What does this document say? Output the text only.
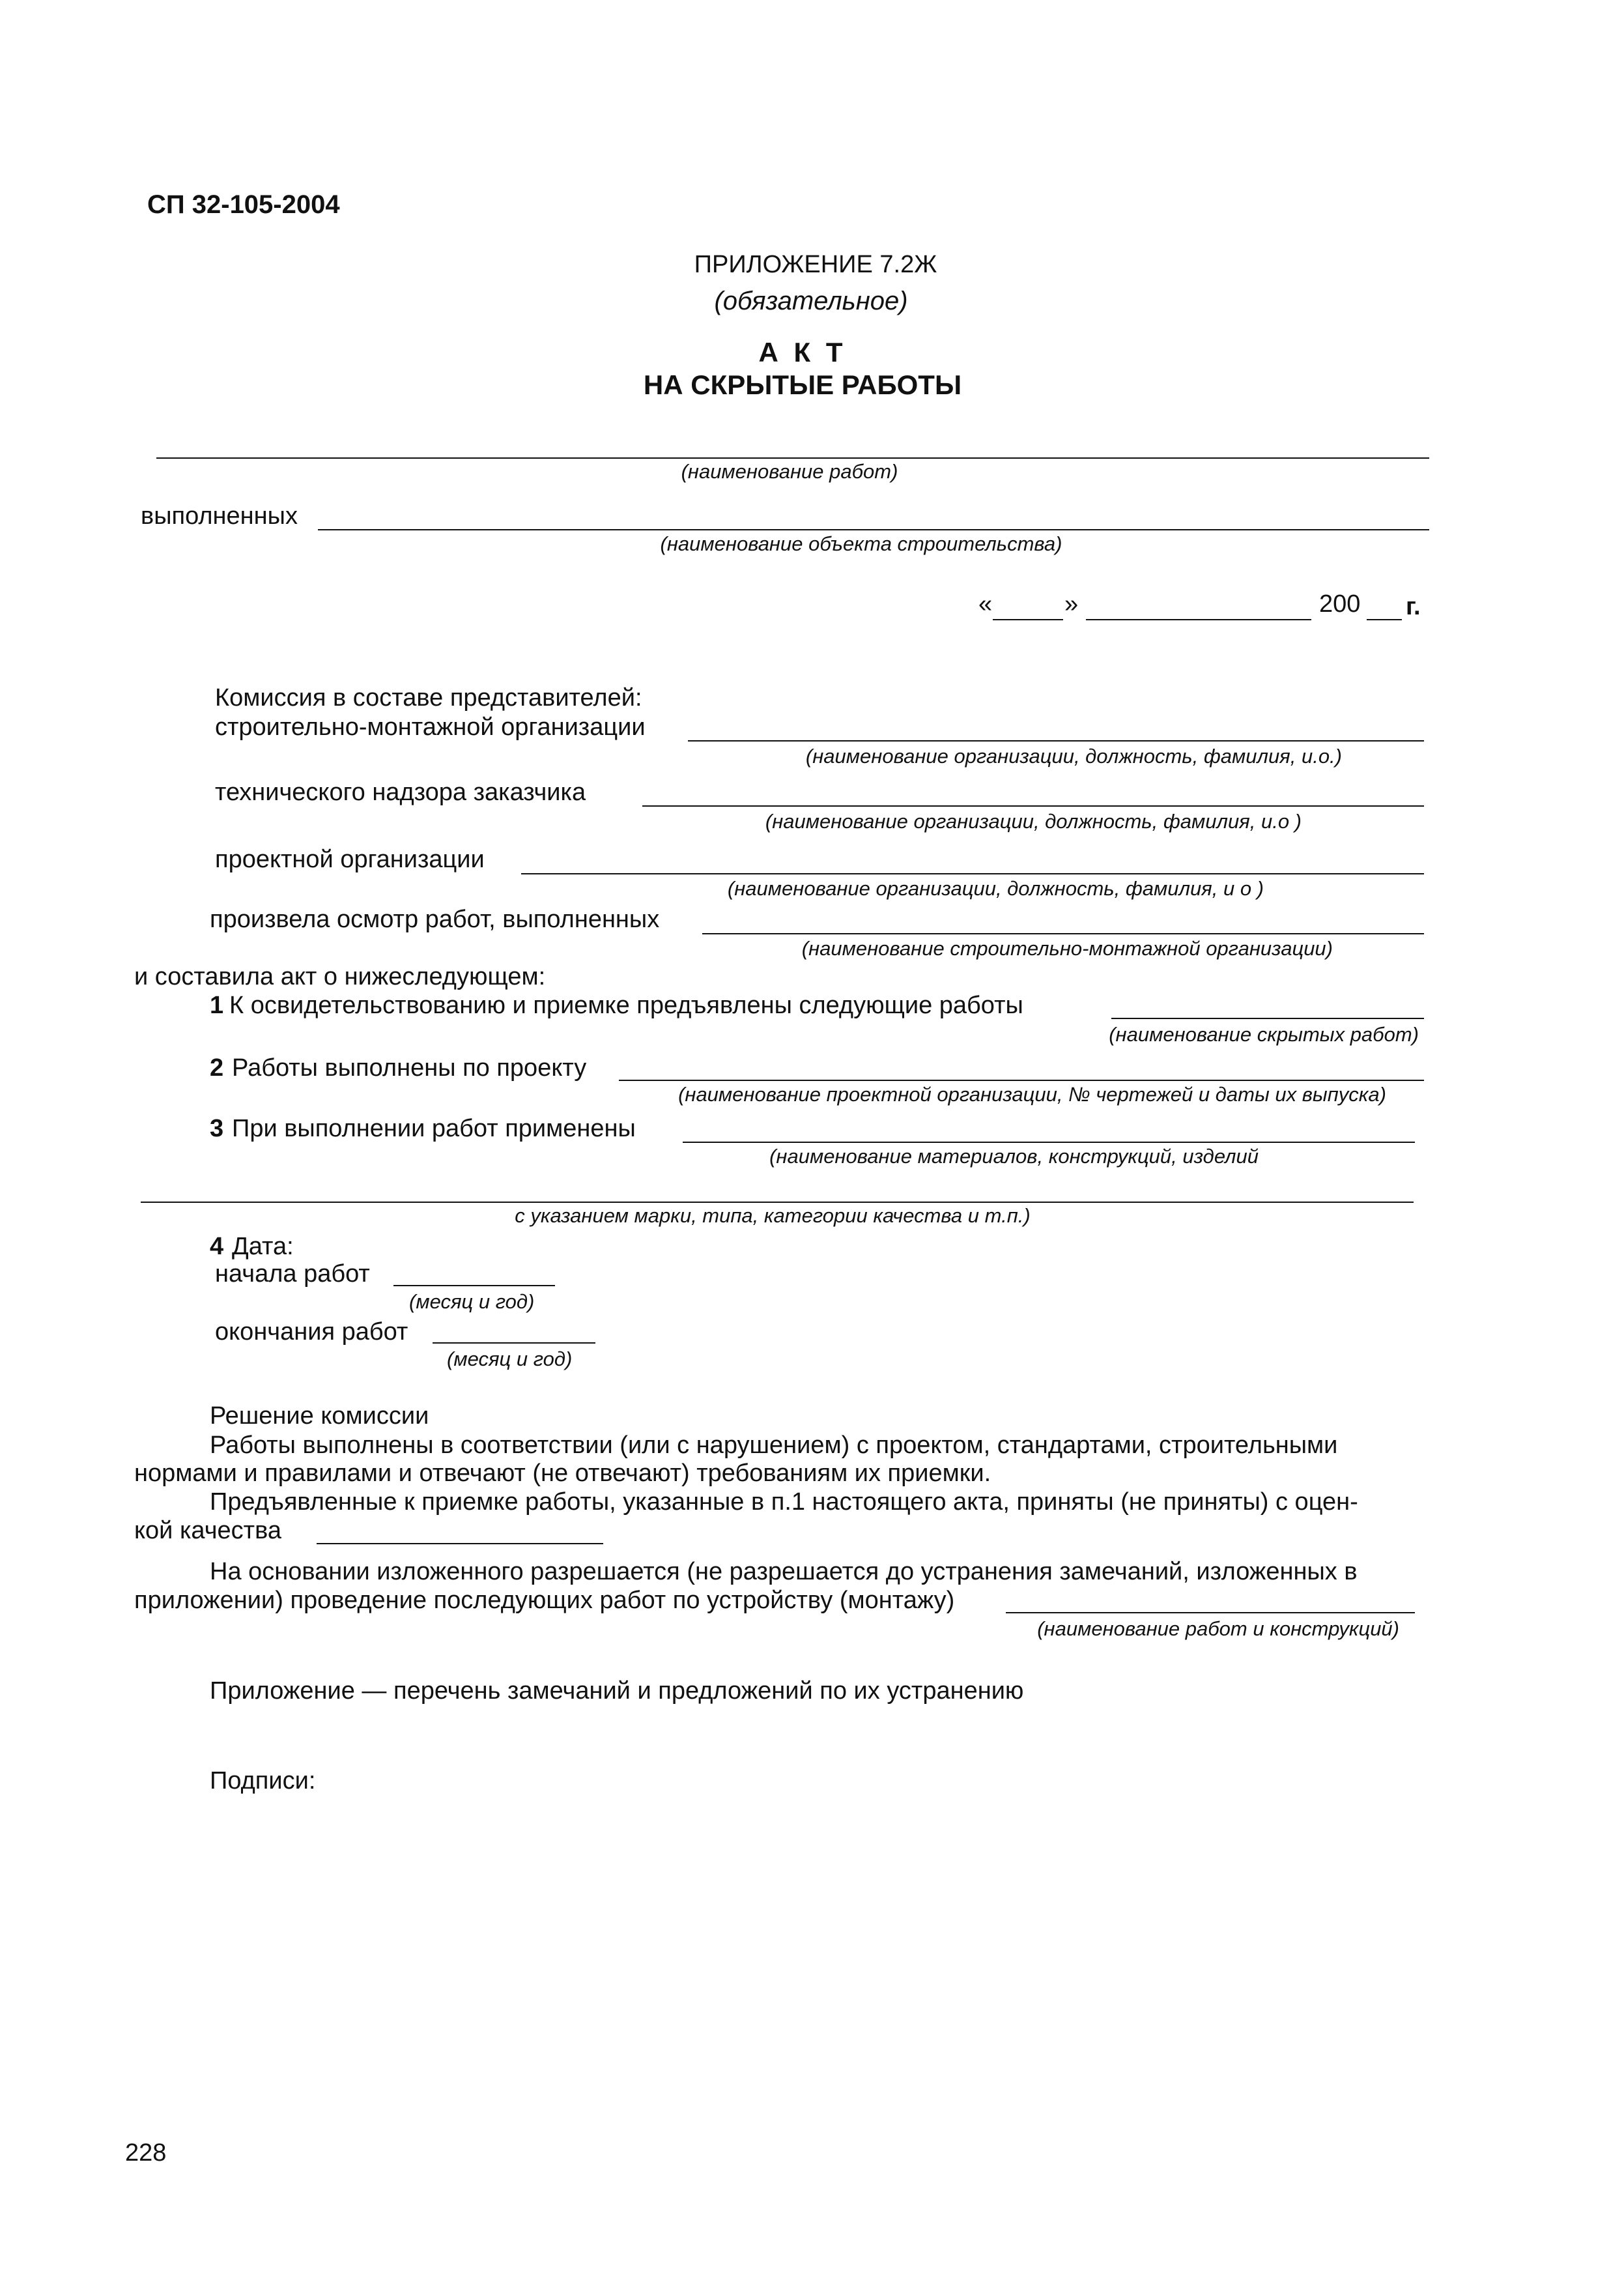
СП 32-105-2004
ПРИЛОЖЕНИЕ 7.2Ж
(обязательное)
А К Т
НА СКРЫТЫЕ РАБОТЫ
(наименование работ)
выполненных
(наименование объекта строительства)
«	»	200 г.
Комиссия в составе представителей:
строительно-монтажной организации
(наименование организации, должность, фамилия, и.о.)
технического надзора заказчика
(наименование организации, должность, фамилия, и.о )
проектной организации
(наименование организации, должность, фамилия, и о )
произвела осмотр работ, выполненных
(наименование строительно-монтажной организации)
и составила акт о нижеследующем:
1 К освидетельствованию и приемке предъявлены следующие работы
(наименование скрытых работ)
2 Работы выполнены по проекту
(наименование проектной организации, № чертежей и даты их выпуска)
3 При выполнении работ применены
(наименование материалов, конструкций, изделий
с указанием марки, типа, категории качества и т.п.)
4 Дата:
начала работ
(месяц и год)
окончания работ
(месяц и год)
Решение комиссии
Работы выполнены в соответствии (или с нарушением) с проектом, стандартами, строительными
нормами и правилами и отвечают (не отвечают) требованиям их приемки.
Предъявленные к приемке работы, указанные в п.1 настоящего акта, приняты (не приняты) с оцен-
кой качества
На основании изложенного разрешается (не разрешается до устранения замечаний, изложенных в
приложении) проведение последующих работ по устройству (монтажу)
(наименование работ и конструкций)
Приложение — перечень замечаний и предложений по их устранению
Подписи:
228
